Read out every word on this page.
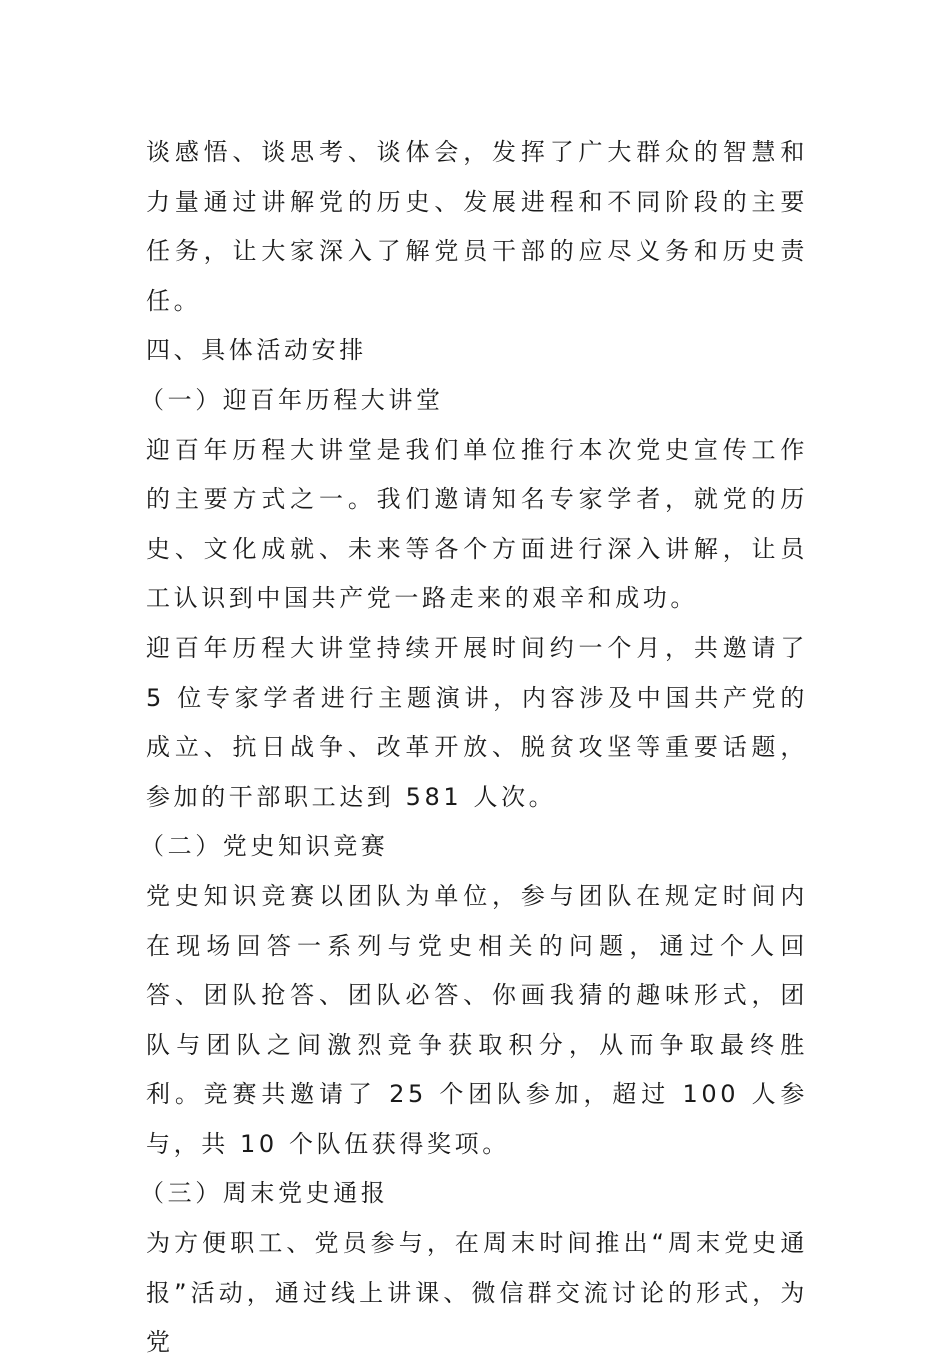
谈感悟、谈思考、谈体会，发挥了广大群众的智慧和力量通过讲解党的历史、发展进程和不同阶段的主要任务，让大家深入了解党员干部的应尽义务和历史责任。

四、具体活动安排

（一）迎百年历程大讲堂

迎百年历程大讲堂是我们单位推行本次党史宣传工作的主要方式之一。我们邀请知名专家学者，就党的历史、文化成就、未来等各个方面进行深入讲解，让员工认识到中国共产党一路走来的艰辛和成功。

迎百年历程大讲堂持续开展时间约一个月，共邀请了 5 位专家学者进行主题演讲，内容涉及中国共产党的成立、抗日战争、改革开放、脱贫攻坚等重要话题，参加的干部职工达到 581 人次。

（二）党史知识竞赛

党史知识竞赛以团队为单位，参与团队在规定时间内在现场回答一系列与党史相关的问题，通过个人回答、团队抢答、团队必答、你画我猜的趣味形式，团队与团队之间激烈竞争获取积分，从而争取最终胜利。竞赛共邀请了 25 个团队参加，超过 100 人参与，共 10 个队伍获得奖项。

（三）周末党史通报

为方便职工、党员参与，在周末时间推出“周末党史通报”活动，通过线上讲课、微信群交流讨论的形式，为党
